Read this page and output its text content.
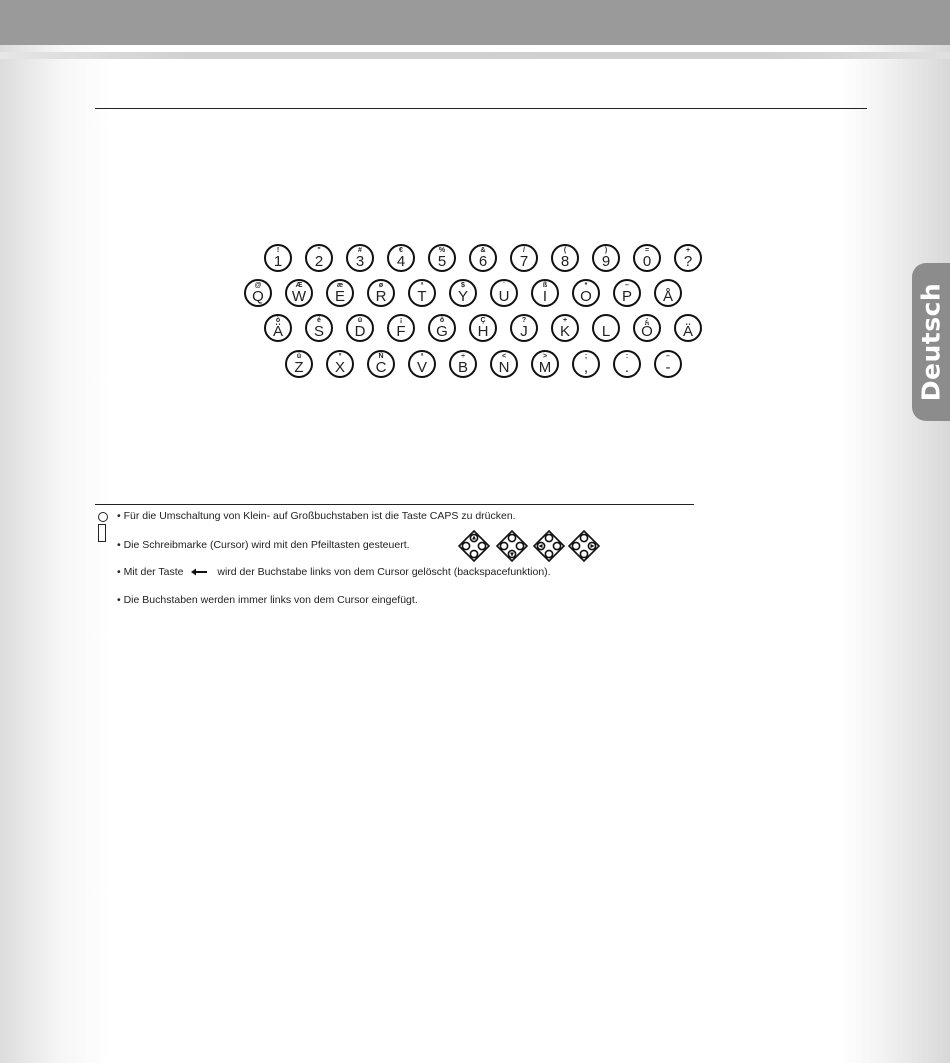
Deutsch
!
1
"
2
#
3
€
4
%
5
&
6
/
7
(
8
)
9
=
0
+
?
@
Q
Æ
W
æ
E
ø
R
ª
T
$
Y
¨
U
ß
I
*
O
–
P	Å
ò
Ä
é
S
ü
D
¡
F
ô
G
Ç
H
?
J
+
K	L
¿
Ö	Ä
û
Z
º
X
Ñ
C
ª
V
÷
B
<
N
>
M
;
,
:
.
–
-
• Für die Umschaltung von Klein- auf Großbuchstaben ist die Taste CAPS zu drücken.
• Die Schreibmarke (Cursor) wird mit den Pfeiltasten gesteuert.
• Mit der Taste	wird der Buchstabe links von dem Cursor gelöscht (backspacefunktion).
• Die Buchstaben werden immer links von dem Cursor eingefügt.
